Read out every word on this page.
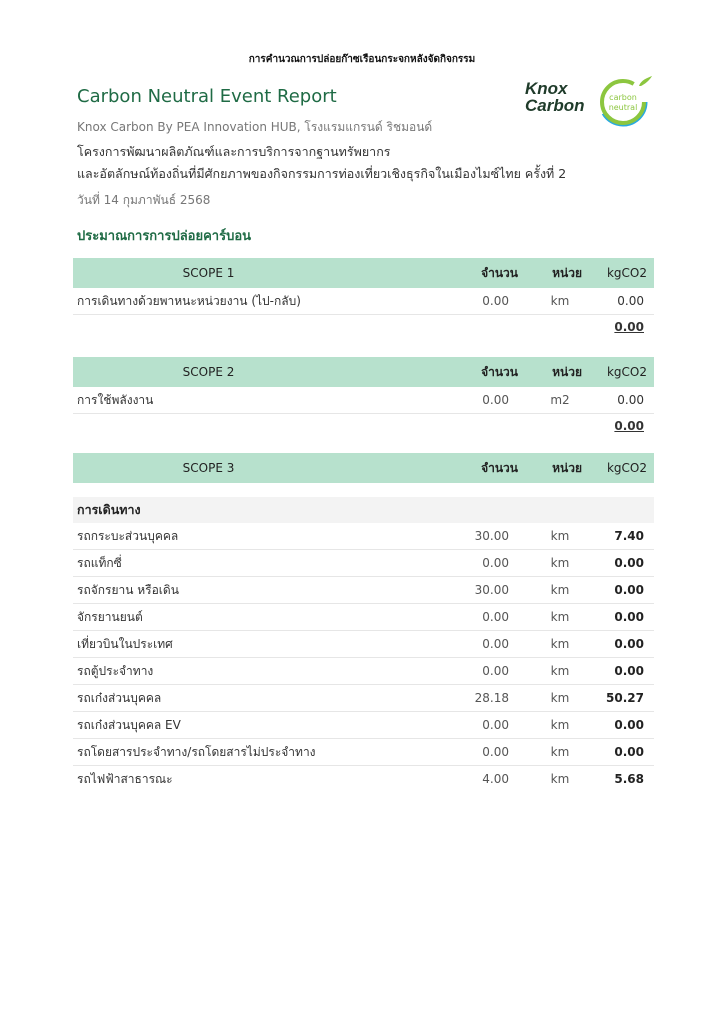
การคำนวณการปล่อยก๊าซเรือนกระจกหลังจัดกิจกรรม
Carbon Neutral Event Report	Knox
Carbon	carbon
neutral
Knox Carbon By PEA Innovation HUB, โรงแรมแกรนด์ ริชมอนด์
โครงการพัฒนาผลิตภัณฑ์และการบริการจากฐานทรัพยากร
และอัตลักษณ์ท้องถิ่นที่มีศักยภาพของกิจกรรมการท่องเที่ยวเชิงธุรกิจในเมืองไมซ์ไทย ครั้งที่ 2
วันที่ 14 กุมภาพันธ์ 2568
ประมาณการการปล่อยคาร์บอน
SCOPE 1	จำนวน	หน่วย	kgCO2
การเดินทางด้วยพาหนะหน่วยงาน (ไป-กลับ)	0.00	km	0.00
0.00
SCOPE 2	จำนวน	หน่วย	kgCO2
การใช้พลังงาน	0.00	m2	0.00
0.00
SCOPE 3	จำนวน	หน่วย	kgCO2
การเดินทาง
รถกระบะส่วนบุคคล	30.00	km	7.40
รถแท็กซี่	0.00	km	0.00
รถจักรยาน หรือเดิน	30.00	km	0.00
จักรยานยนต์	0.00	km	0.00
เที่ยวบินในประเทศ	0.00	km	0.00
รถตู้ประจำทาง	0.00	km	0.00
รถเก๋งส่วนบุคคล	28.18	km	50.27
รถเก๋งส่วนบุคคล EV	0.00	km	0.00
รถโดยสารประจำทาง/รถโดยสารไม่ประจำทาง	0.00	km	0.00
รถไฟฟ้าสาธารณะ	4.00	km	5.68
